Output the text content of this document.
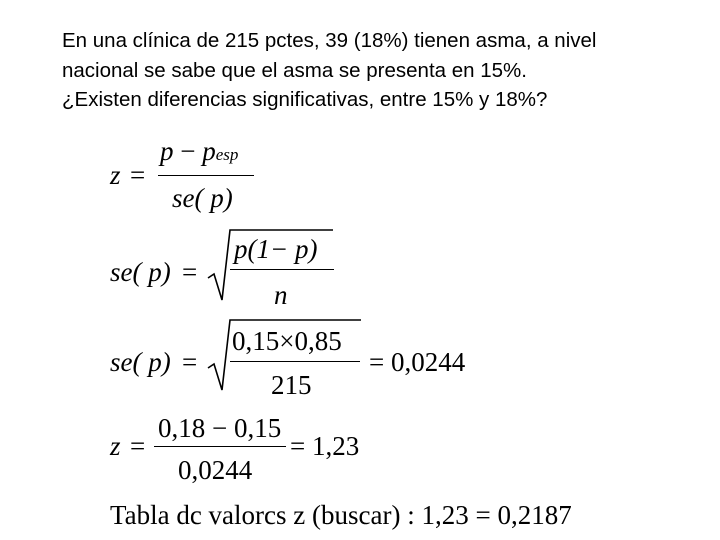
En una clínica de 215 pctes, 39 (18%) tienen asma, a nivel
nacional se sabe que el asma se presenta en 15%.
¿Existen diferencias significativas, entre 15% y 18%?
z =
p − pesp
se( p)
se( p) =
p(1− p)
n
se( p) =
0,15×0,85
215
= 0,0244
z =
0,18 − 0,15
0,0244
= 1,23
Tabla dc valorcs z (buscar) : 1,23 = 0,2187
